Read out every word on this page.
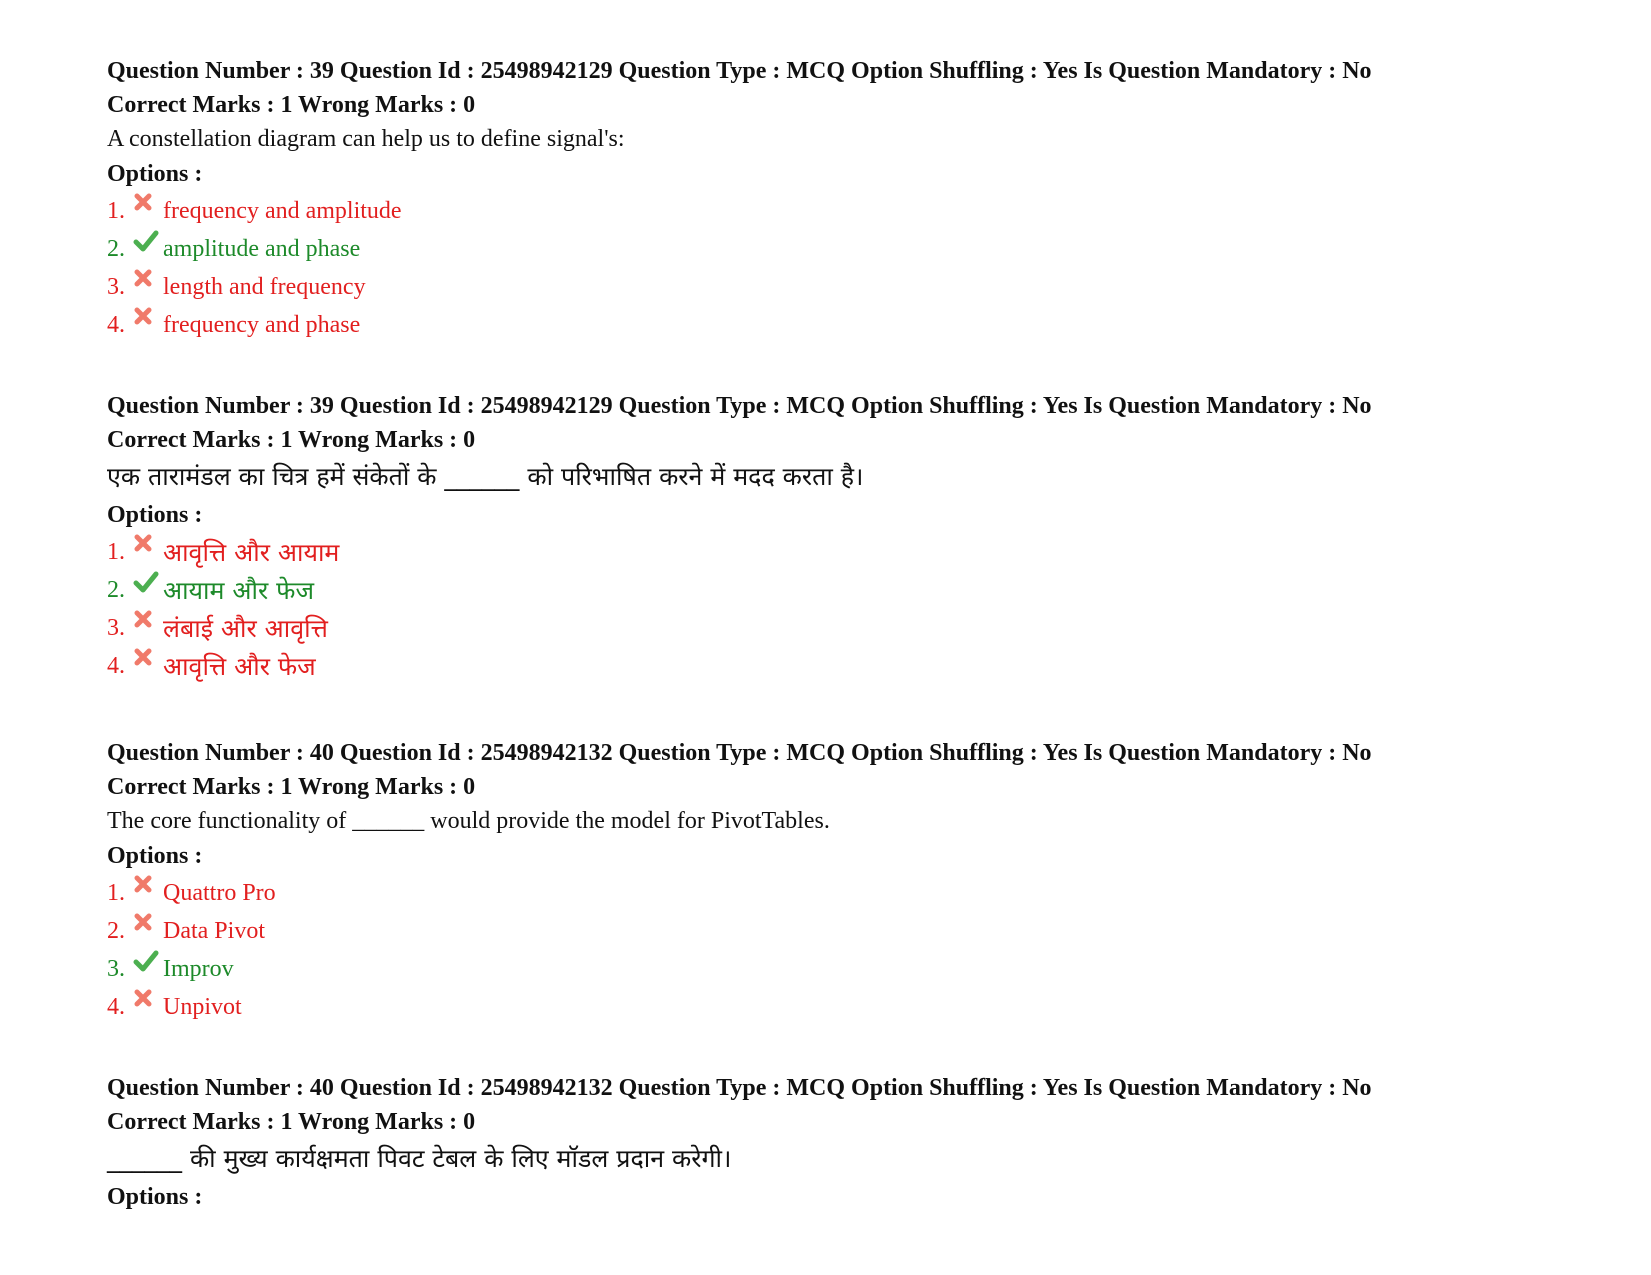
Question Number : 39 Question Id : 25498942129 Question Type : MCQ Option Shuffling : Yes Is Question Mandatory : No
Correct Marks : 1 Wrong Marks : 0
A constellation diagram can help us to define signal's:
Options :
1.	frequency and amplitude
2.	amplitude and phase
3.	length and frequency
4.	frequency and phase
Question Number : 39 Question Id : 25498942129 Question Type : MCQ Option Shuffling : Yes Is Question Mandatory : No
Correct Marks : 1 Wrong Marks : 0
एक तारामंडल का चित्र हमें संकेतों के ______ को परिभाषित करने में मदद करता है।
Options :
1.	आवृत्ति और आयाम
2.	आयाम और फेज
3.	लंबाई और आवृत्ति
4.	आवृत्ति और फेज
Question Number : 40 Question Id : 25498942132 Question Type : MCQ Option Shuffling : Yes Is Question Mandatory : No
Correct Marks : 1 Wrong Marks : 0
The core functionality of ______ would provide the model for PivotTables.
Options :
1.	Quattro Pro
2.	Data Pivot
3.	Improv
4.	Unpivot
Question Number : 40 Question Id : 25498942132 Question Type : MCQ Option Shuffling : Yes Is Question Mandatory : No
Correct Marks : 1 Wrong Marks : 0
______ की मुख्य कार्यक्षमता पिवट टेबल के लिए मॉडल प्रदान करेगी।
Options :
